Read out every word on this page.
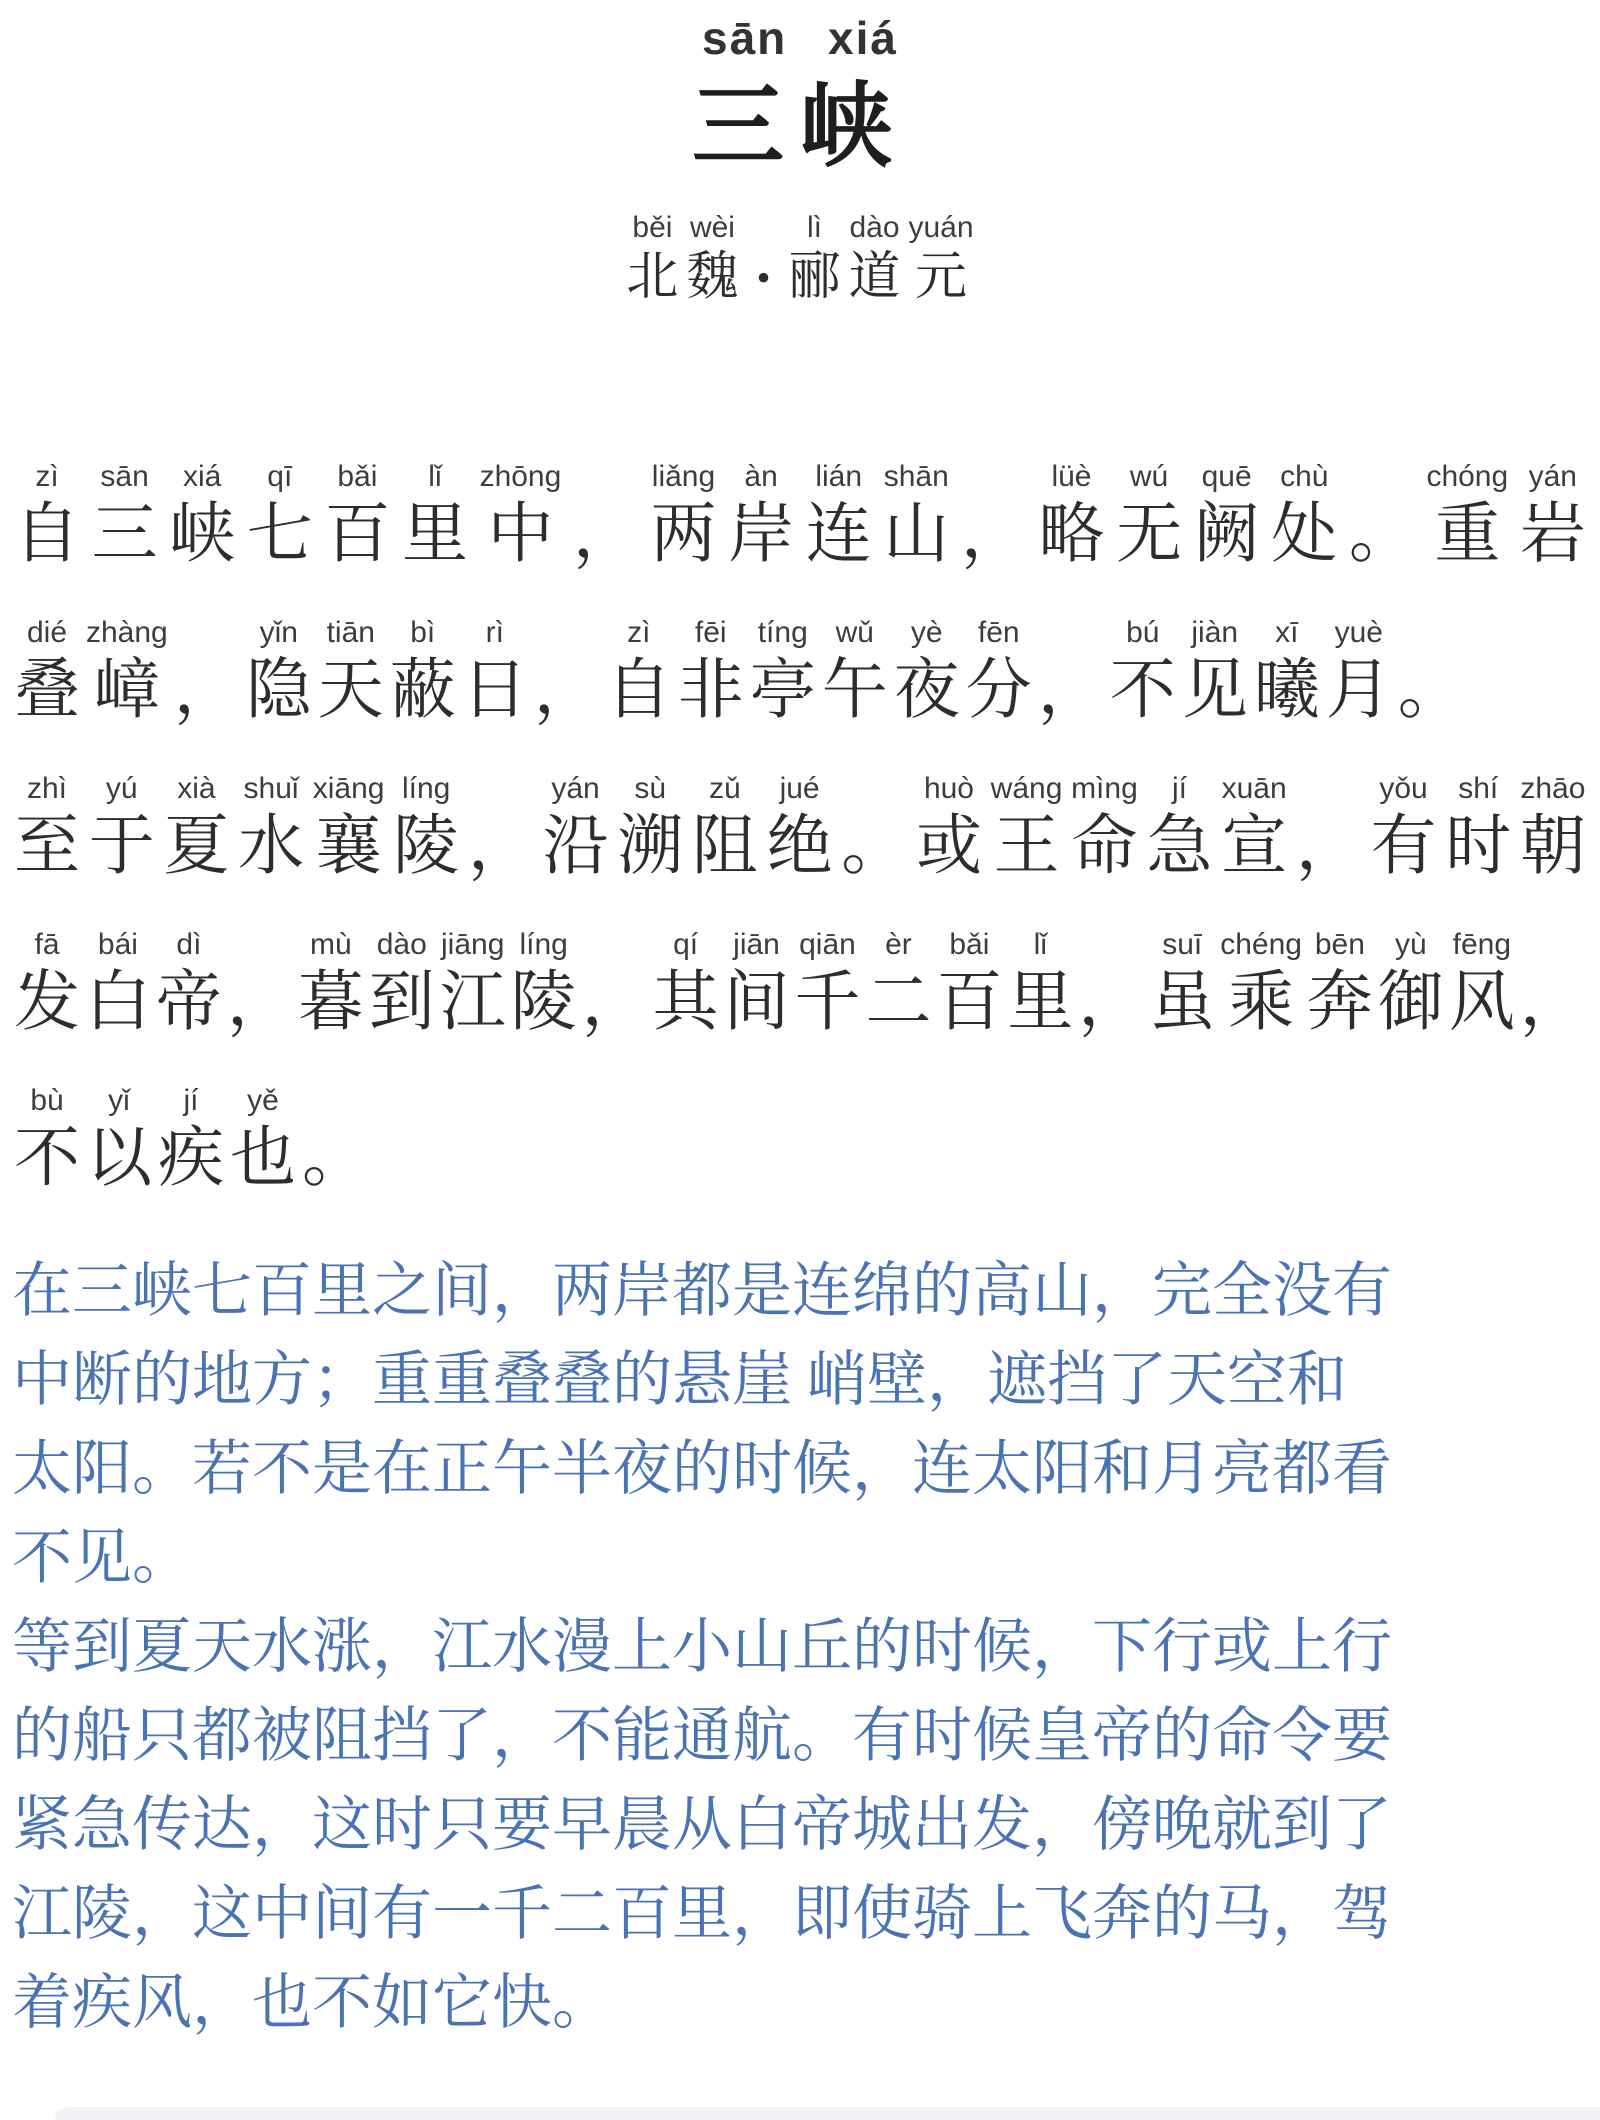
sān xiá
三峡
běi
北
wèi
魏 •
lì
郦
dào
道
yuán
元
zì
自
sān
三
xiá
峡
qī
七
bǎi
百
lǐ
里
zhōng
中 ，
liǎng
两
àn
岸
lián
连
shān
山 ，
lüè
略
wú
无
quē
阙
chù
处 。
chóng
重
yán
岩
dié
叠
zhàng
嶂 ，
yǐn
隐
tiān
天
bì
蔽
rì
日 ，
zì
自
fēi
非
tíng
亭
wǔ
午
yè
夜
fēn
分 ，
bú
不
jiàn
见
xī
曦
yuè
月 。
zhì
至
yú
于
xià
夏
shuǐ
水
xiāng
襄
líng
陵 ，
yán
沿
sù
溯
zǔ
阻
jué
绝 。
huò
或
wáng
王
mìng
命
jí
急
xuān
宣 ，
yǒu
有
shí
时
zhāo
朝
fā
发
bái
白
dì
帝 ，
mù
暮
dào
到
jiāng
江
líng
陵 ，
qí
其
jiān
间
qiān
千
èr
二
bǎi
百
lǐ
里 ，
suī
虽
chéng
乘
bēn
奔
yù
御
fēng
风 ，
bù
不
yǐ
以
jí
疾
yě
也 。
在三峡七百里之间，两岸都是连绵的高山，完全没有
中断的地方；重重叠叠的悬崖 峭壁，遮挡了天空和
太阳。若不是在正午半夜的时候，连太阳和月亮都看
不见。
等到夏天水涨，江水漫上小山丘的时候，下行或上行
的船只都被阻挡了，不能通航。有时候皇帝的命令要
紧急传达，这时只要早晨从白帝城出发，傍晚就到了
江陵，这中间有一千二百里，即使骑上飞奔的马，驾
着疾风，也不如它快。
